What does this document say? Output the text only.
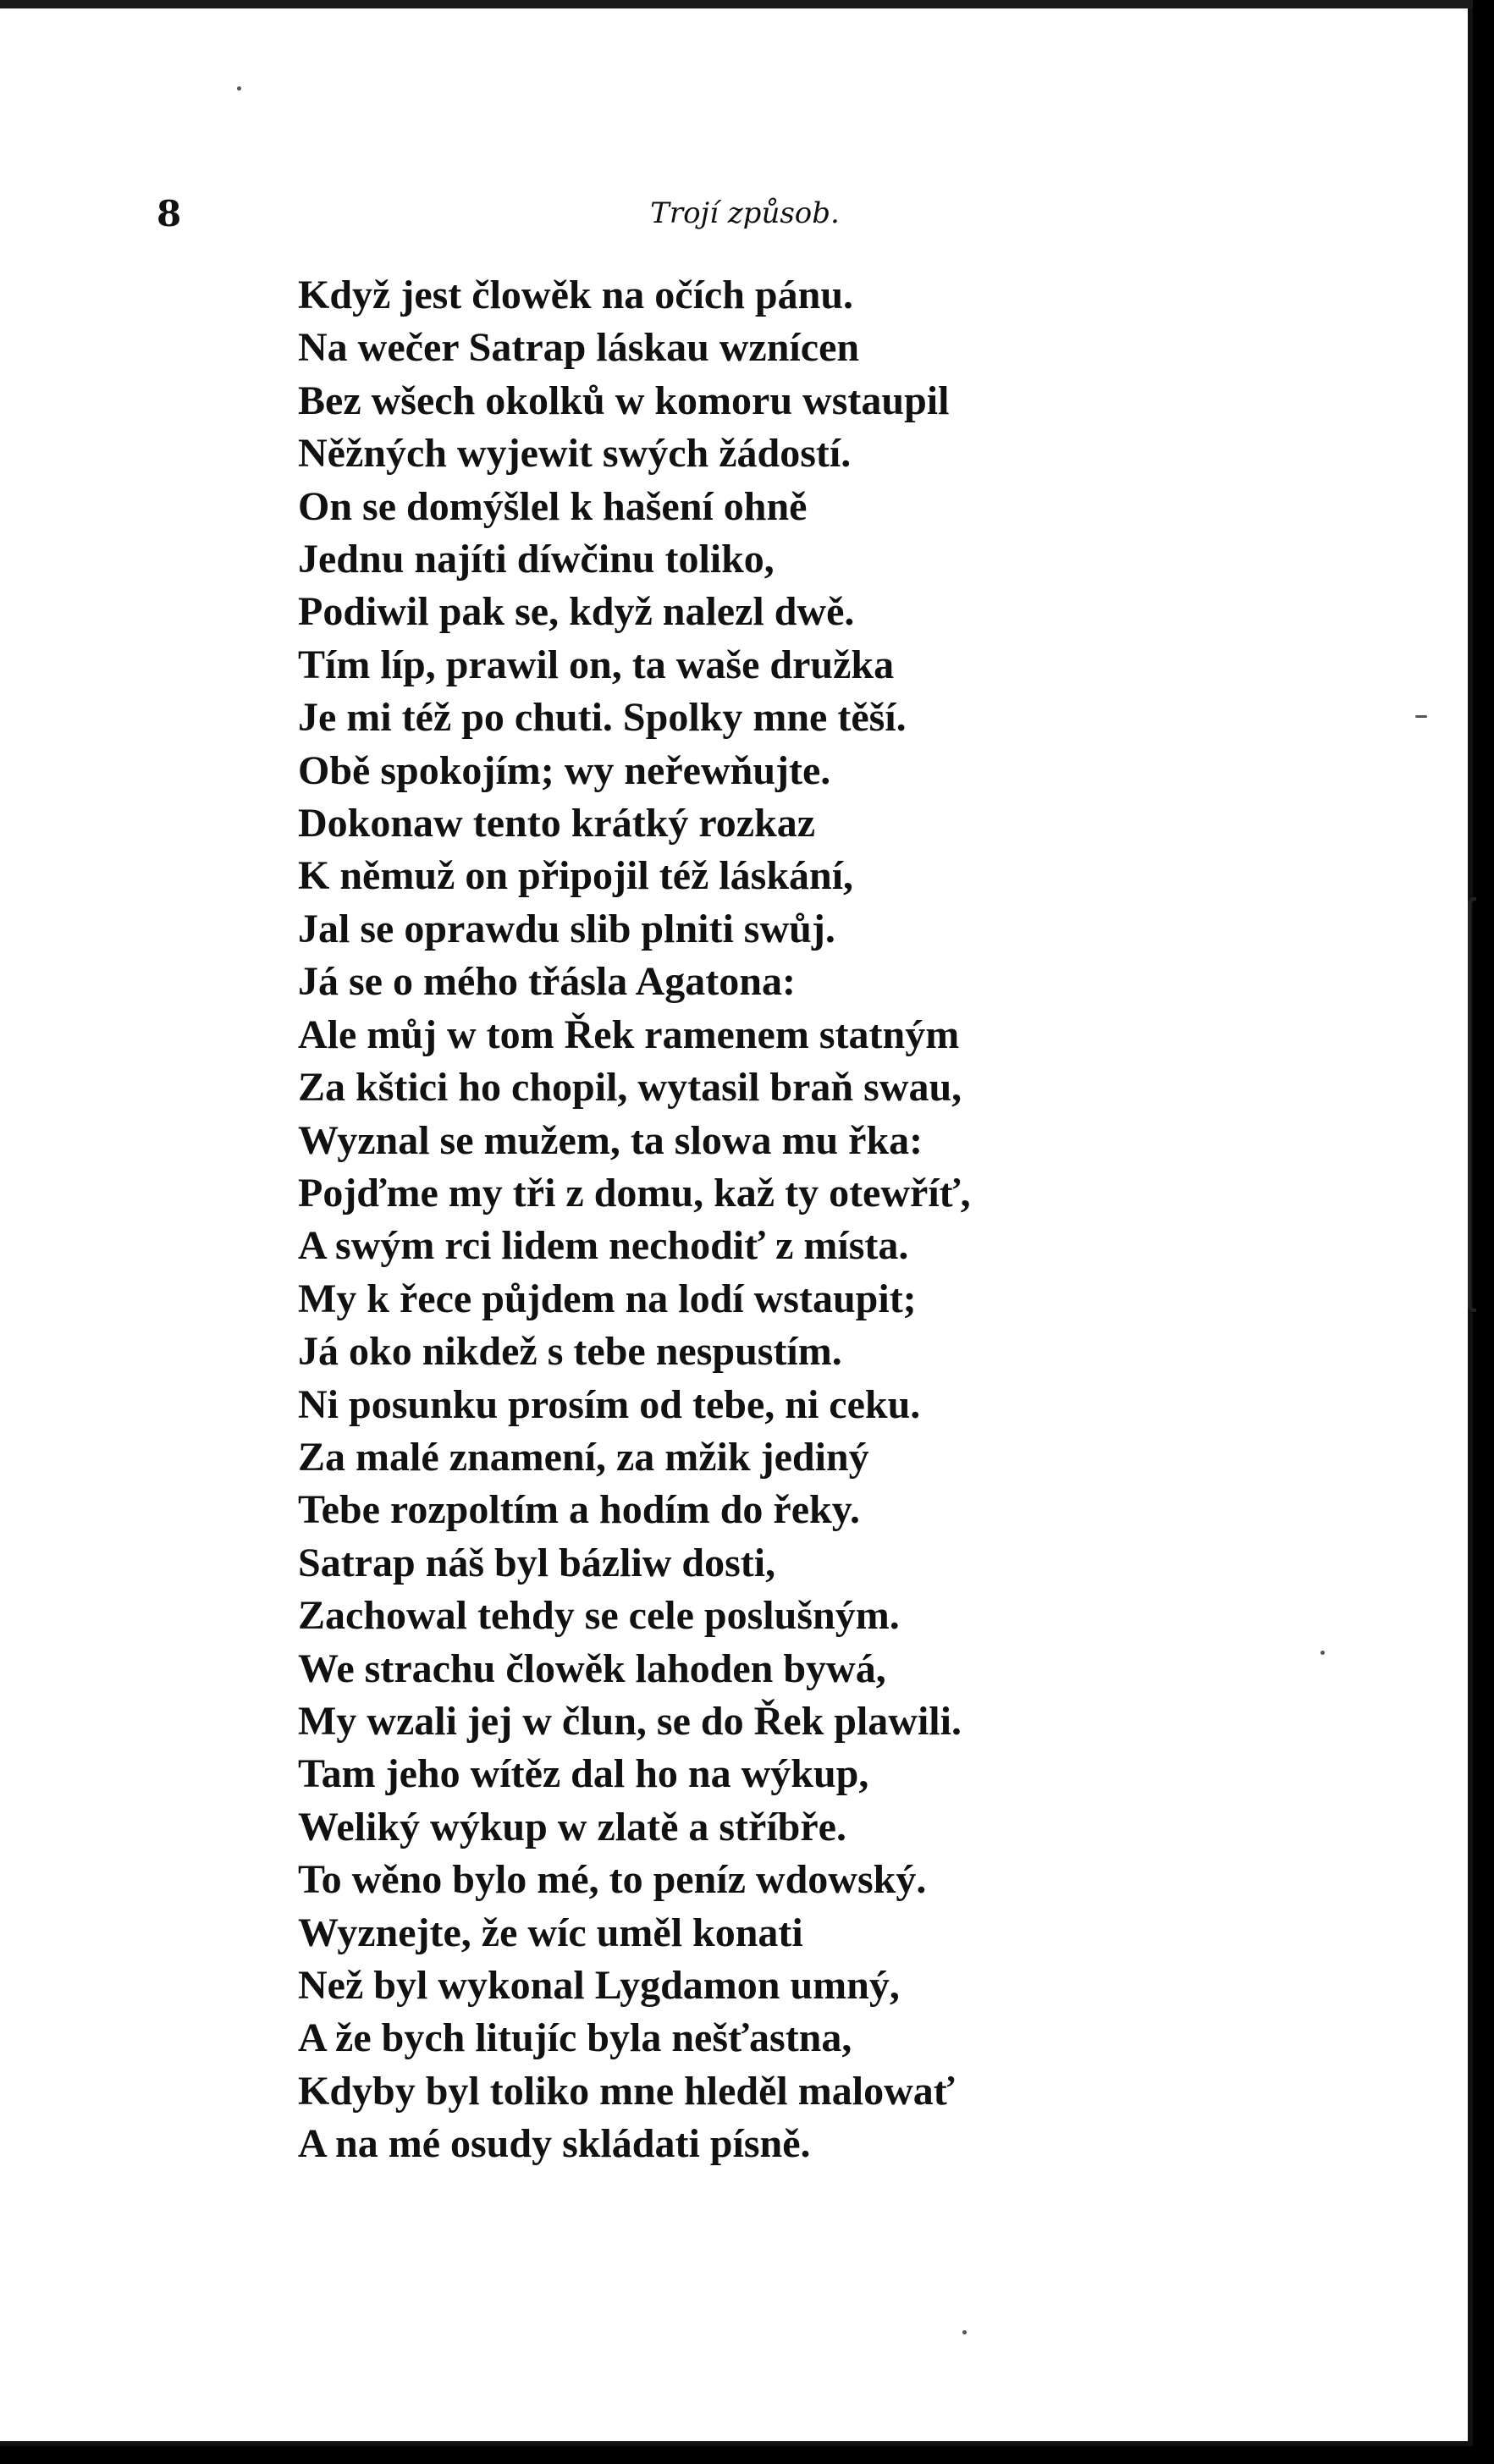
8	Trojí způsob.
Když jest člowěk na očích pánu.
Na wečer Satrap láskau wznícen
Bez wšech okolků w komoru wstaupil
Něžných wyjewit swých žádostí.
On se domýšlel k hašení ohně
Jednu najíti díwčinu toliko,
Podiwil pak se, když nalezl dwě.
Tím líp, prawil on, ta waše družka
Je mi též po chuti. Spolky mne těší.
Obě spokojím; wy neřewňujte.
Dokonaw tento krátký rozkaz
K němuž on připojil též láskání,
Jal se oprawdu slib plniti swůj.
Já se o mého třásla Agatona:
Ale můj w tom Řek ramenem statným
Za kštici ho chopil, wytasil braň swau,
Wyznal se mužem, ta slowa mu řka:
Pojďme my tři z domu, kaž ty otewříť,
A swým rci lidem nechodiť z místa.
My k řece půjdem na lodí wstaupit;
Já oko nikdež s tebe nespustím.
Ni posunku prosím od tebe, ni ceku.
Za malé znamení, za mžik jediný
Tebe rozpoltím a hodím do řeky.
Satrap náš byl bázliw dosti,
Zachowal tehdy se cele poslušným.
We strachu člowěk lahoden bywá,
My wzali jej w člun, se do Řek plawili.
Tam jeho wítěz dal ho na wýkup,
Weliký wýkup w zlatě a stříbře.
To wěno bylo mé, to peníz wdowský.
Wyznejte, že wíc uměl konati
Než byl wykonal Lygdamon umný,
A že bych litujíc byla nešťastna,
Kdyby byl toliko mne hleděl malowať
A na mé osudy skládati písně.
